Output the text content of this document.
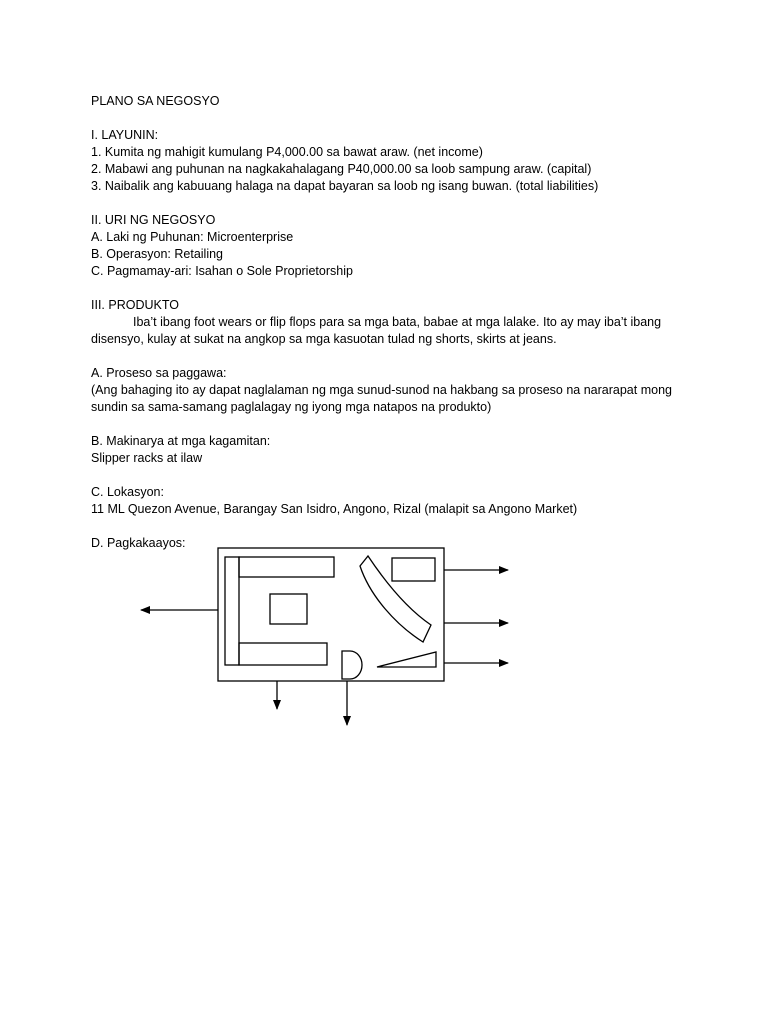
PLANO SA NEGOSYO
I. LAYUNIN:
1. Kumita ng mahigit kumulang P4,000.00 sa bawat araw. (net income)
2. Mabawi ang puhunan na nagkakahalagang P40,000.00 sa loob sampung araw. (capital)
3. Naibalik ang kabuuang halaga na dapat bayaran sa loob ng isang buwan. (total liabilities)
II. URI NG NEGOSYO
A. Laki ng Puhunan: Microenterprise
B. Operasyon: Retailing
C. Pagmamay-ari: Isahan o Sole Proprietorship
III. PRODUKTO
Iba’t ibang foot wears or flip flops para sa mga bata, babae at mga lalake. Ito ay may iba’t ibang disensyo, kulay at sukat na angkop sa mga kasuotan tulad ng shorts, skirts at jeans.
A. Proseso sa paggawa:
(Ang bahaging ito ay dapat naglalaman ng mga sunud-sunod na hakbang sa proseso na nararapat mong sundin sa sama-samang paglalagay ng iyong mga natapos na produkto)
B. Makinarya at mga kagamitan:
Slipper racks at ilaw
C. Lokasyon:
11 ML Quezon Avenue, Barangay San Isidro, Angono, Rizal (malapit sa Angono Market)
D. Pagkakaayos:
